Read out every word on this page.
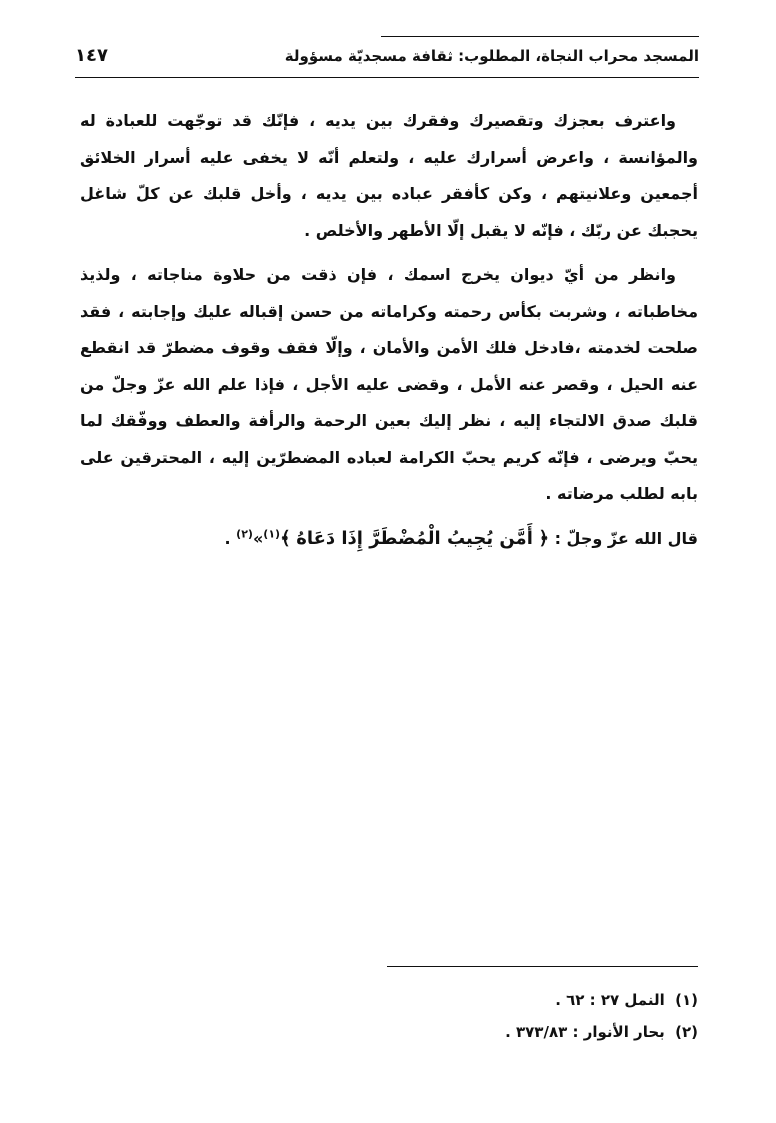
المسجد محراب النجاة، المطلوب: ثقافة مسجديّة مسؤولة
١٤٧

واعترف بعجزك وتقصيرك وفقرك بين يديه ، فإنّك قد توجّهت للعبادة له والمؤانسة ، واعرض أسرارك عليه ، ولتعلم أنّه لا يخفى عليه أسرار الخلائق أجمعين وعلانيتهم ، وكن كأفقر عباده بين يديه ، وأخل قلبك عن كلّ شاغل يحجبك عن ربّك ، فإنّه لا يقبل إلّا الأطهر والأخلص .

وانظر من أيّ ديوان يخرج اسمك ، فإن ذقت من حلاوة مناجاته ، ولذيذ مخاطباته ، وشربت بكأس رحمته وكراماته من حسن إقباله عليك وإجابته ، فقد صلحت لخدمته ،فادخل فلك الأمن والأمان ، وإلّا فقف وقوف مضطرّ قد انقطع عنه الحيل ، وقصر عنه الأمل ، وقضى عليه الأجل ، فإذا علم الله عزّ وجلّ من قلبك صدق الالتجاء إليه ، نظر إليك بعين الرحمة والرأفة والعطف ووفّقك لما يحبّ ويرضى ، فإنّه كريم يحبّ الكرامة لعباده المضطرّين إليه ، المحترقين على بابه لطلب مرضاته .

قال الله عزّ وجلّ : ﴿ أَمَّن يُجِيبُ الْمُضْطَرَّ إِذَا دَعَاهُ ﴾$^{(١)}$»$^{(٢)}$ .

(١) النمل ٢٧ : ٦٢ .
(٢) بحار الأنوار : ٣٧٣/٨٣ .
